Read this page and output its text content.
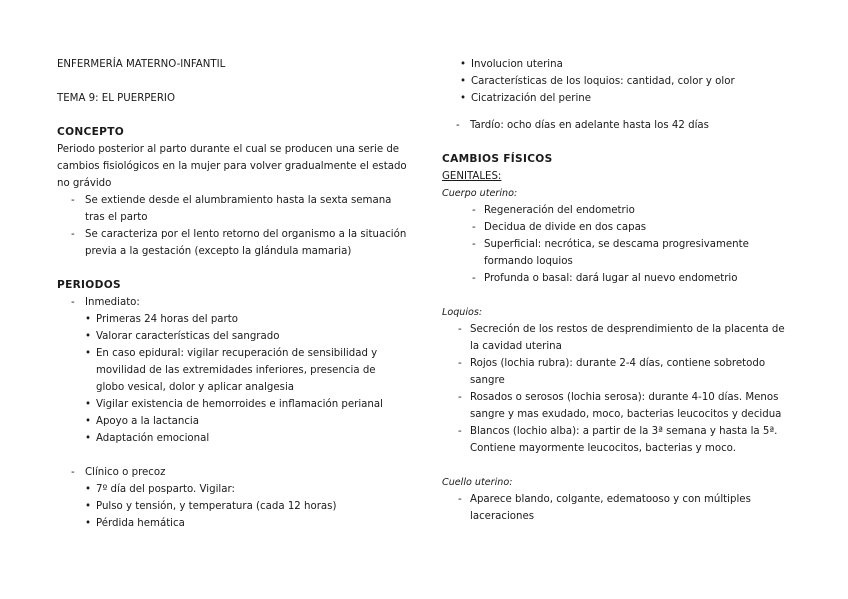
ENFERMERÍA MATERNO-INFANTIL

TEMA 9: EL PUERPERIO

CONCEPTO

Periodo posterior al parto durante el cual se producen una serie de cambios fisiológicos en la mujer para volver gradualmente el estado no grávido

- Se extiende desde el alumbramiento hasta la sexta semana tras el parto
- Se caracteriza por el lento retorno del organismo a la situación previa a la gestación (excepto la glándula mamaria)

PERIODOS

- Inmediato:
• Primeras 24 horas del parto
• Valorar características del sangrado
• En caso epidural: vigilar recuperación de sensibilidad y movilidad de las extremidades inferiores, presencia de globo vesical, dolor y aplicar analgesia
• Vigilar existencia de hemorroides e inflamación perianal
• Apoyo a la lactancia
• Adaptación emocional
- Clínico o precoz
• 7º día del posparto. Vigilar:
• Pulso y tensión, y temperatura (cada 12 horas)
• Pérdida hemática
• Involucion uterina
• Características de los loquios: cantidad, color y olor
• Cicatrización del perine
- Tardío: ocho días en adelante hasta los 42 días

CAMBIOS FÍSICOS

GENITALES:

Cuerpo uterino:

- Regeneración del endometrio
- Decidua de divide en dos capas
- Superficial: necrótica, se descama progresivamente formando loquios
- Profunda o basal: dará lugar al nuevo endometrio

Loquios:

- Secreción de los restos de desprendimiento de la placenta de la cavidad uterina
- Rojos (lochia rubra): durante 2-4 días, contiene sobretodo sangre
- Rosados o serosos (lochia serosa): durante 4-10 días. Menos sangre y mas exudado, moco, bacterias leucocitos y decidua
- Blancos (lochio alba): a partir de la 3ª semana y hasta la 5ª. Contiene mayormente leucocitos, bacterias y moco.

Cuello uterino:

- Aparece blando, colgante, edematooso y con múltiples laceraciones
